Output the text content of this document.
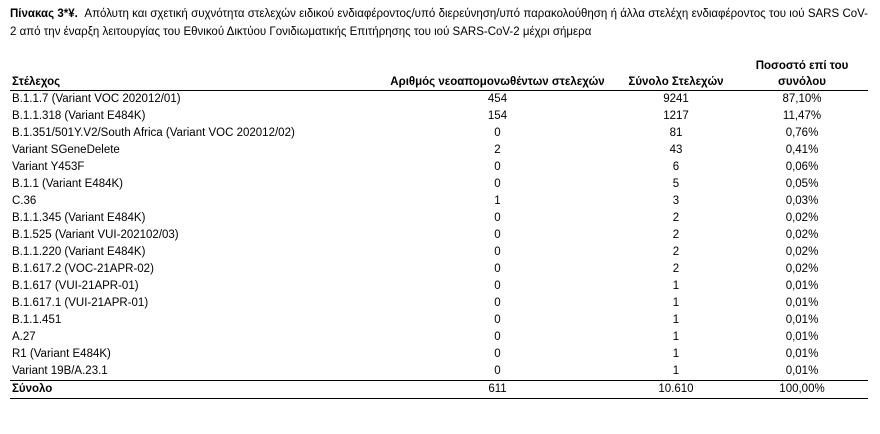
Πίνακας 3*¥. Απόλυτη και σχετική συχνότητα στελεχών ειδικού ενδιαφέροντος/υπό διερεύνηση/υπό παρακολούθηση ή άλλα στελέχη ενδιαφέροντος του ιού SARS CoV-2 από την έναρξη λειτουργίας του Εθνικού Δικτύου Γονιδιωματικής Επιτήρησης του ιού SARS-CoV-2 μέχρι σήμερα
Στέλεχος	Αριθμός νεοαπομονωθέντων στελεχών	Σύνολο Στελεχών	Ποσοστό επί του συνόλου
B.1.1.7 (Variant VOC 202012/01)	454	9241	87,10%
B.1.1.318 (Variant E484K)	154	1217	11,47%
B.1.351/501Y.V2/South Africa (Variant VOC 202012/02)	0	81	0,76%
Variant SGeneDelete	2	43	0,41%
Variant Y453F	0	6	0,06%
B.1.1 (Variant E484K)	0	5	0,05%
C.36	1	3	0,03%
B.1.1.345 (Variant E484K)	0	2	0,02%
B.1.525 (Variant VUI-202102/03)	0	2	0,02%
B.1.1.220 (Variant E484K)	0	2	0,02%
B.1.617.2 (VOC-21APR-02)	0	2	0,02%
B.1.617 (VUI-21APR-01)	0	1	0,01%
B.1.617.1 (VUI-21APR-01)	0	1	0,01%
B.1.1.451	0	1	0,01%
A.27	0	1	0,01%
R1 (Variant E484K)	0	1	0,01%
Variant 19B/A.23.1	0	1	0,01%
Σύνολο	611	10.610	100,00%
